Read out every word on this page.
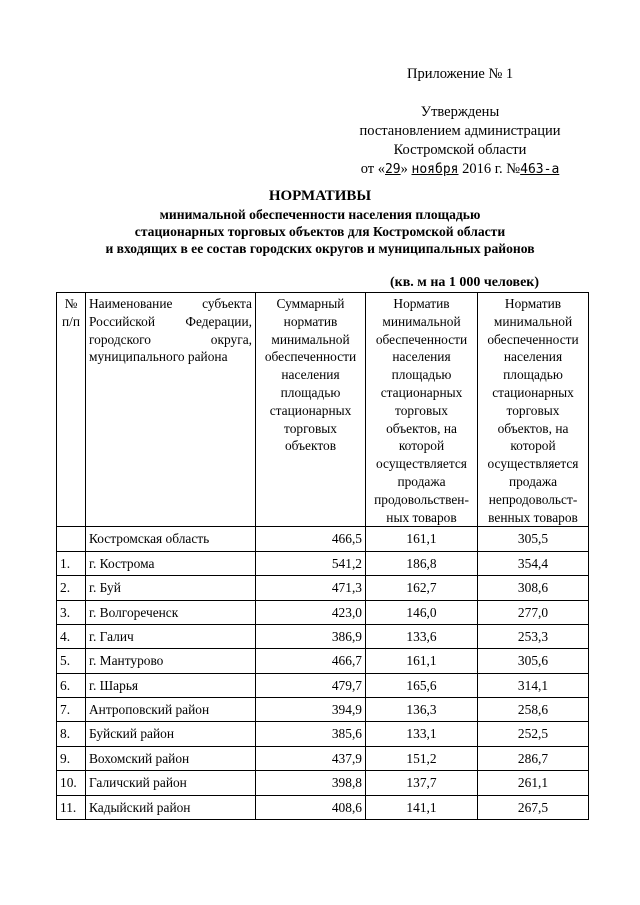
Приложение № 1
Утверждены
постановлением администрации
Костромской области
от «29» ноября 2016 г. №463-а
НОРМАТИВЫ
минимальной обеспеченности населения площадью
стационарных торговых объектов для Костромской области
и входящих в ее состав городских округов и муниципальных районов
(кв. м на 1 000 человек)
№ п/п	Наименование субъекта Российской Федерации, городского округа, муниципального района	Суммарный норматив минимальной обеспеченности населения площадью стационарных торговых объектов	Норматив минимальной обеспеченности населения площадью стационарных торговых объектов, на которой осуществляется продажа продовольствен-ных товаров	Норматив минимальной обеспеченности населения площадью стационарных торговых объектов, на которой осуществляется продажа непродовольст-венных товаров
	Костромская область	466,5	161,1	305,5
1.	г. Кострома	541,2	186,8	354,4
2.	г. Буй	471,3	162,7	308,6
3.	г. Волгореченск	423,0	146,0	277,0
4.	г. Галич	386,9	133,6	253,3
5.	г. Мантурово	466,7	161,1	305,6
6.	г. Шарья	479,7	165,6	314,1
7.	Антроповский район	394,9	136,3	258,6
8.	Буйский район	385,6	133,1	252,5
9.	Вохомский район	437,9	151,2	286,7
10.	Галичский район	398,8	137,7	261,1
11.	Кадыйский район	408,6	141,1	267,5
